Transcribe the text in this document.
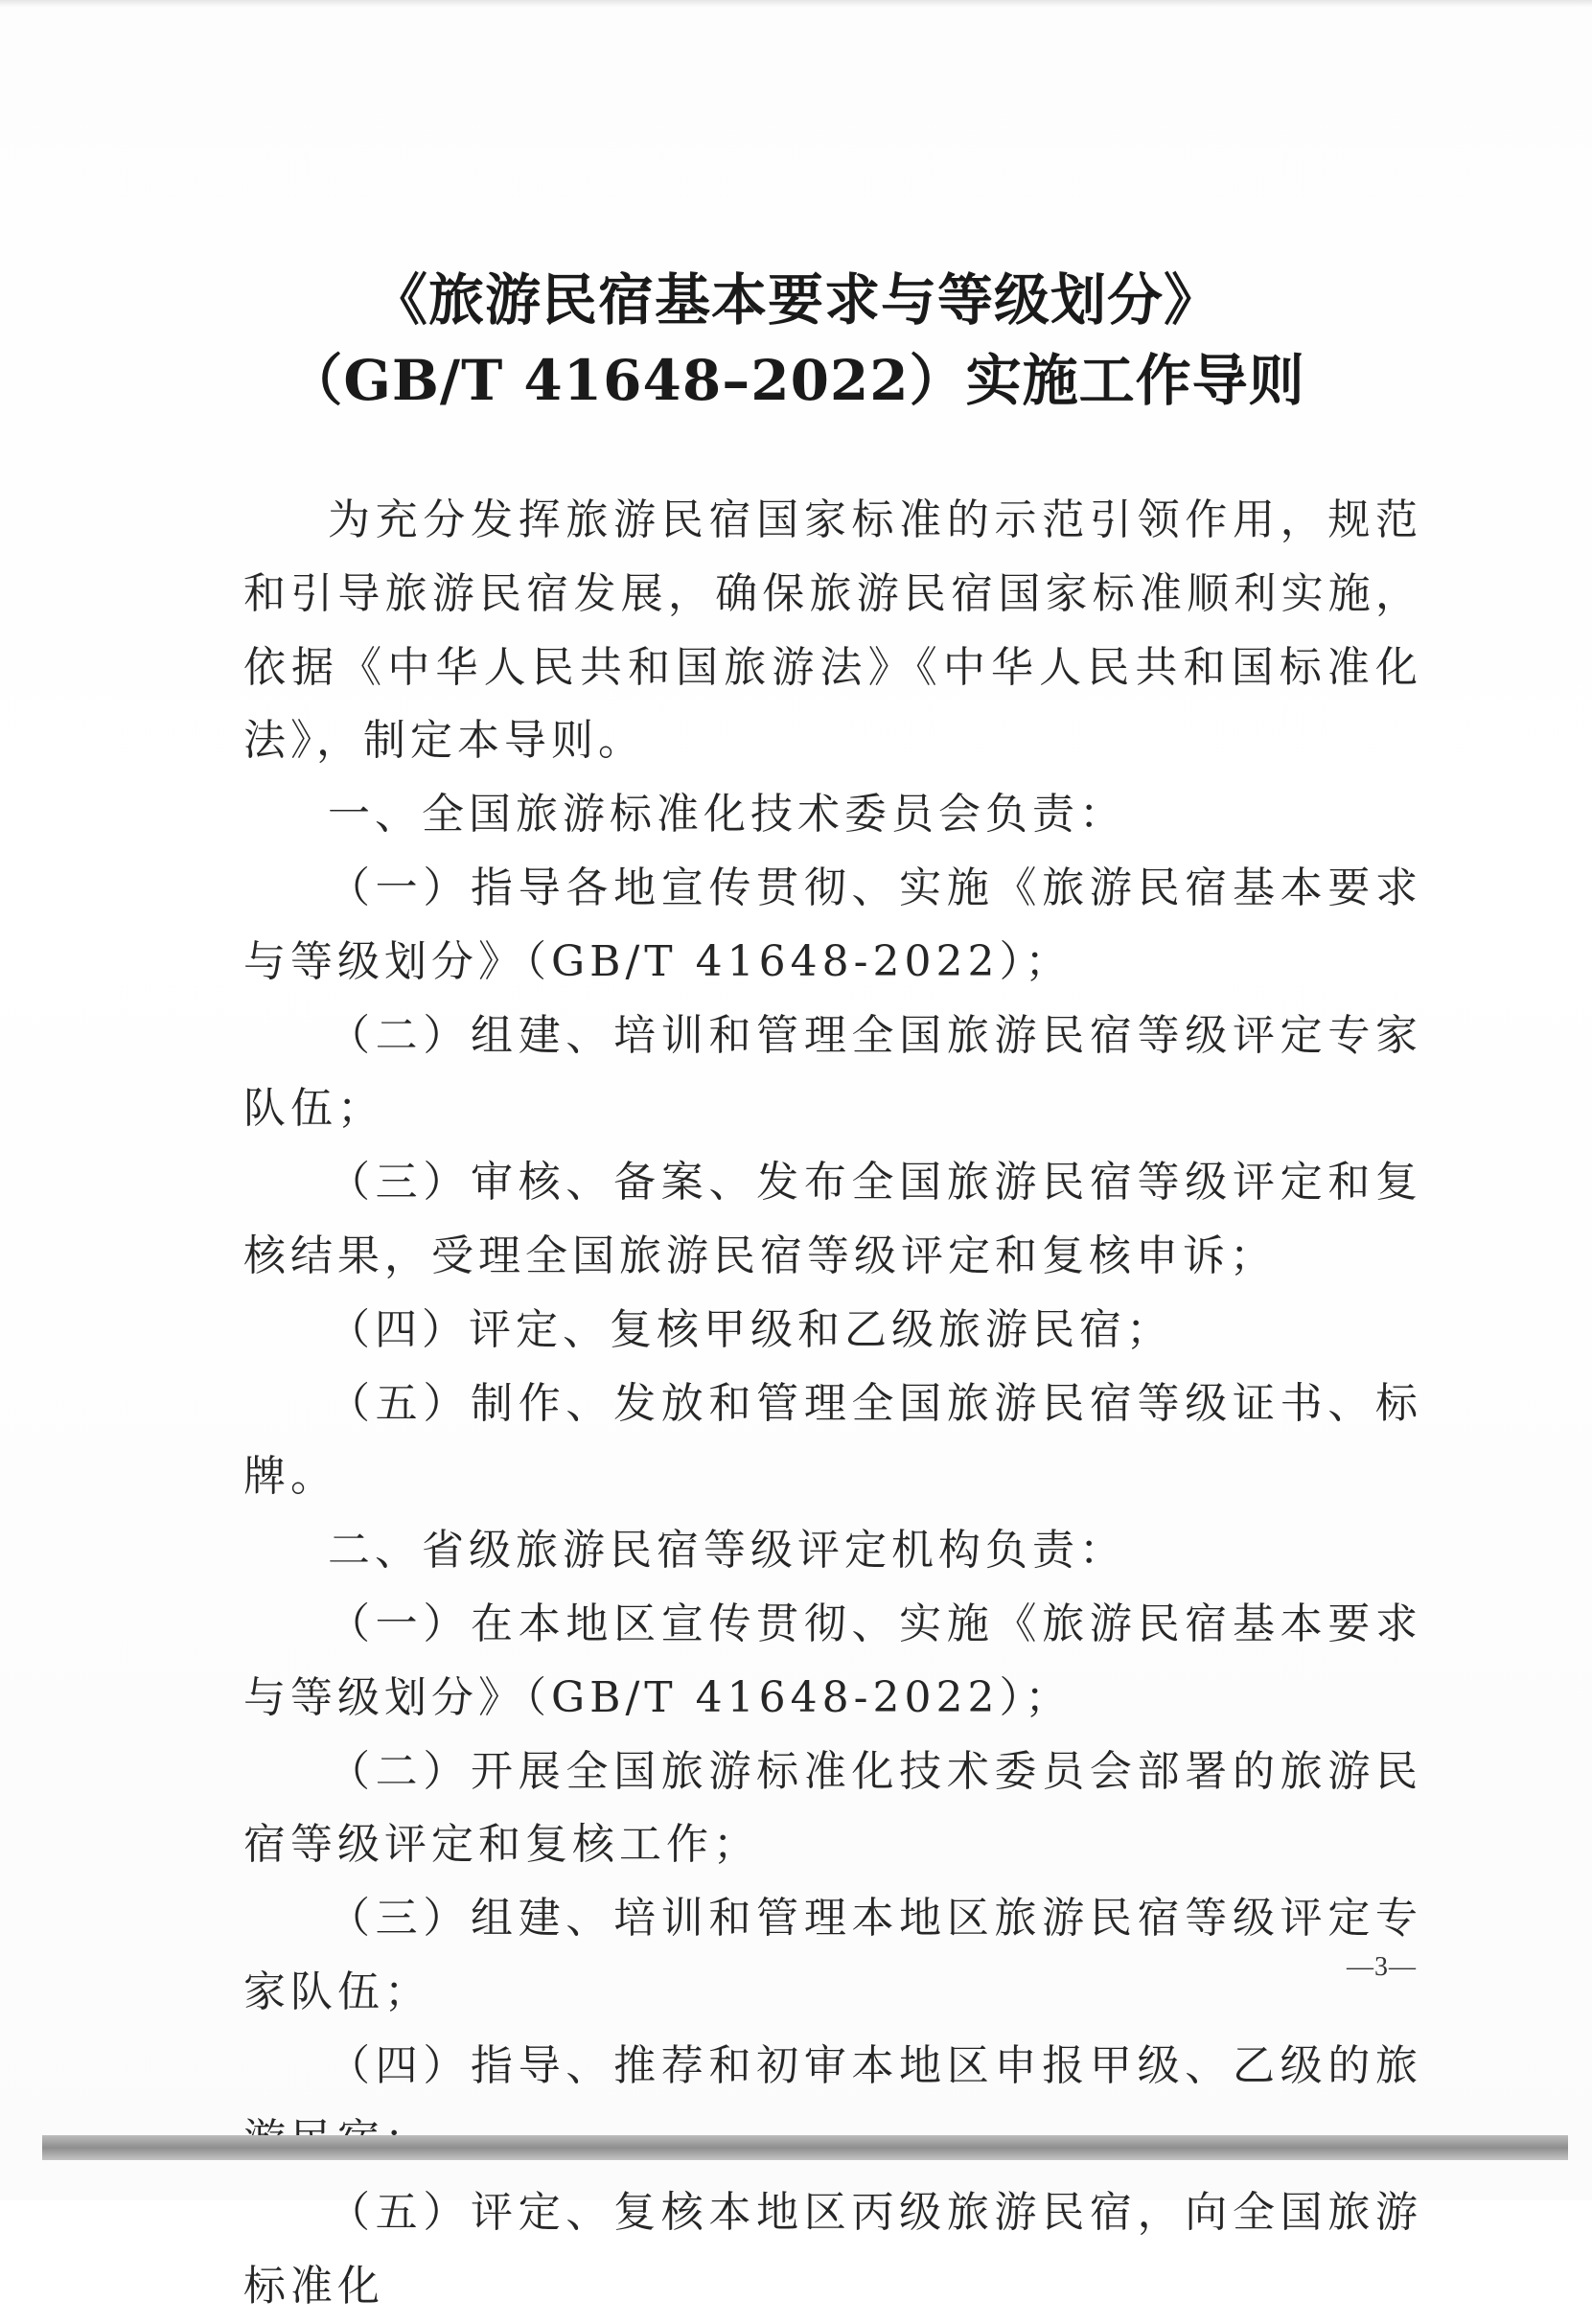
《旅游民宿基本要求与等级划分》
（GB/T 41648–2022）实施工作导则

为充分发挥旅游民宿国家标准的示范引领作用，规范和引导旅游民宿发展，确保旅游民宿国家标准顺利实施，依据《中华人民共和国旅游法》《中华人民共和国标准化法》，制定本导则。

一、全国旅游标准化技术委员会负责：

（一）指导各地宣传贯彻、实施《旅游民宿基本要求与等级划分》（GB/T 41648-2022）；

（二）组建、培训和管理全国旅游民宿等级评定专家队伍；

（三）审核、备案、发布全国旅游民宿等级评定和复核结果，受理全国旅游民宿等级评定和复核申诉；

（四）评定、复核甲级和乙级旅游民宿；

（五）制作、发放和管理全国旅游民宿等级证书、标牌。

二、省级旅游民宿等级评定机构负责：

（一）在本地区宣传贯彻、实施《旅游民宿基本要求与等级划分》（GB/T 41648-2022）；

（二）开展全国旅游标准化技术委员会部署的旅游民宿等级评定和复核工作；

（三）组建、培训和管理本地区旅游民宿等级评定专家队伍；

（四）指导、推荐和初审本地区申报甲级、乙级的旅

（五）评定、复核本地区丙级旅游民宿，向全国旅游标准化

—3—
